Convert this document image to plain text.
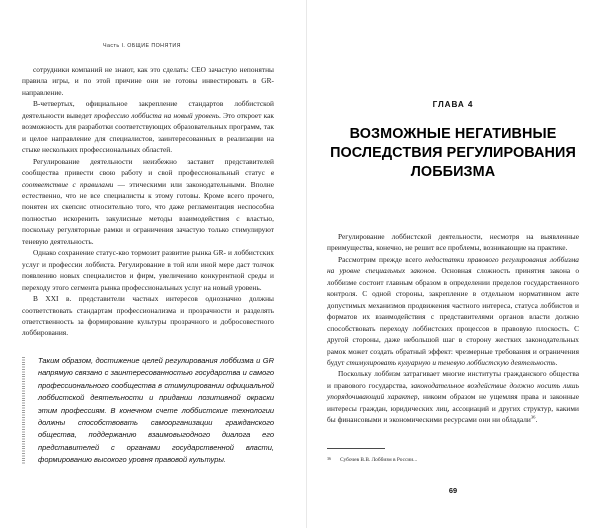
Часть I. ОБЩИЕ ПОНЯТИЯ

сотрудники компаний не знают, как это сделать: CEO зачастую непонятны правила игры, и по этой причине они не готовы инвестировать в GR-направление.

В-четвертых, официальное закрепление стандартов лоббистской деятельности выведет профессию лоббиста на новый уровень. Это откроет как возможность для разработки соответствующих образовательных программ, так и целое направление для специалистов, заинтересованных в реализации на стыке нескольких профессиональных областей.

Регулирование деятельности неизбежно заставит представителей сообщества привести свою работу и свой профессиональный статус в соответствие с правилами — этическими или законодательными. Вполне естественно, что не все специалисты к этому готовы. Кроме всего прочего, понятен их скепсис относительно того, что даже регламентация неспособна полностью искоренить закулисные методы взаимодействия с властью, поскольку регуляторные рамки и ограничения зачастую только стимулируют теневую деятельность.

Однако сохранение статус-кво тормозит развитие рынка GR- и лоббистских услуг и профессии лоббиста. Регулирование в той или иной мере даст толчок появлению новых специалистов и фирм, увеличению конкурентной среды и переходу этого сегмента рынка профессиональных услуг на новый уровень.

В XXI в. представители частных интересов однозначно должны соответствовать стандартам профессионализма и прозрачности и разделять ответственность за формирование культуры прозрачного и добросовестного лоббирования.

Таким образом, достижение целей регулирования лоббизма и GR напрямую связано с заинтересованностью государства и самого профессионального сообщества в стимулировании официальной лоббистской деятельности и придании позитивной окраски этим профессиям. В конечном счете лоббистские технологии должны способствовать самоорганизации гражданского общества, поддержанию взаимовыгодного диалога его представителей с органами государственной власти, формированию высокого уровня правовой культуры.

ГЛАВА 4
ВОЗМОЖНЫЕ НЕГАТИВНЫЕ ПОСЛЕДСТВИЯ РЕГУЛИРОВАНИЯ ЛОББИЗМА

Регулирование лоббистской деятельности, несмотря на выявленные преимущества, конечно, не решит все проблемы, возникающие на практике.

Рассмотрим прежде всего недостатки правового регулирования лоббизма на уровне специальных законов. Основная сложность принятия закона о лоббизме состоит главным образом в определении пределов государственного контроля. С одной стороны, закрепление в отдельном нормативном акте допустимых механизмов продвижения частного интереса, статуса лоббистов и форматов их взаимодействия с представителями органов власти должно способствовать переходу лоббистских процессов в правовую плоскость. С другой стороны, даже небольшой шаг в сторону жестких законодательных рамок может создать обратный эффект: чрезмерные требования и ограничения будут стимулировать кулуарную и теневую лоббистскую деятельность.

Поскольку лоббизм затрагивает многие институты гражданского общества и правового государства, законодательное воздействие должно носить лишь упорядочивающий характер, никоим образом не ущемляя права и законные интересы граждан, юридических лиц, ассоциаций и других структур, какими бы финансовыми и экономическими ресурсами они ни обладали$^{36}$.

36	Субочев В.В. Лоббизм в России...
69
